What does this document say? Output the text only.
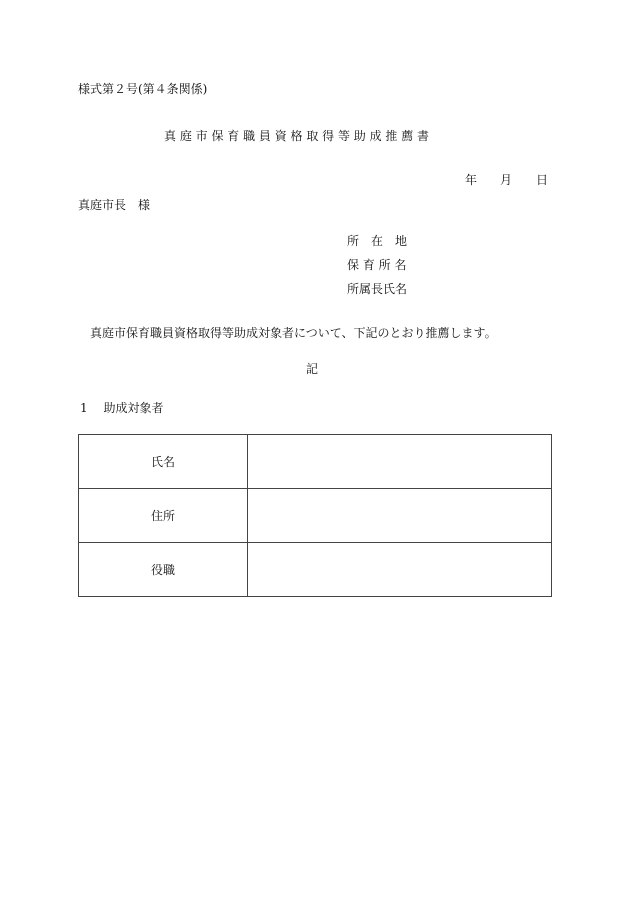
様式第２号(第４条関係)
真 庭 市 保 育 職 員 資 格 取 得 等 助 成 推 薦 書
年 月 日
真庭市長　様
所　在　地
保 育 所 名
所属長氏名
真庭市保育職員資格取得等助成対象者について、下記のとおり推薦します。
記
1　 助成対象者
氏名	
住所	
役職	
